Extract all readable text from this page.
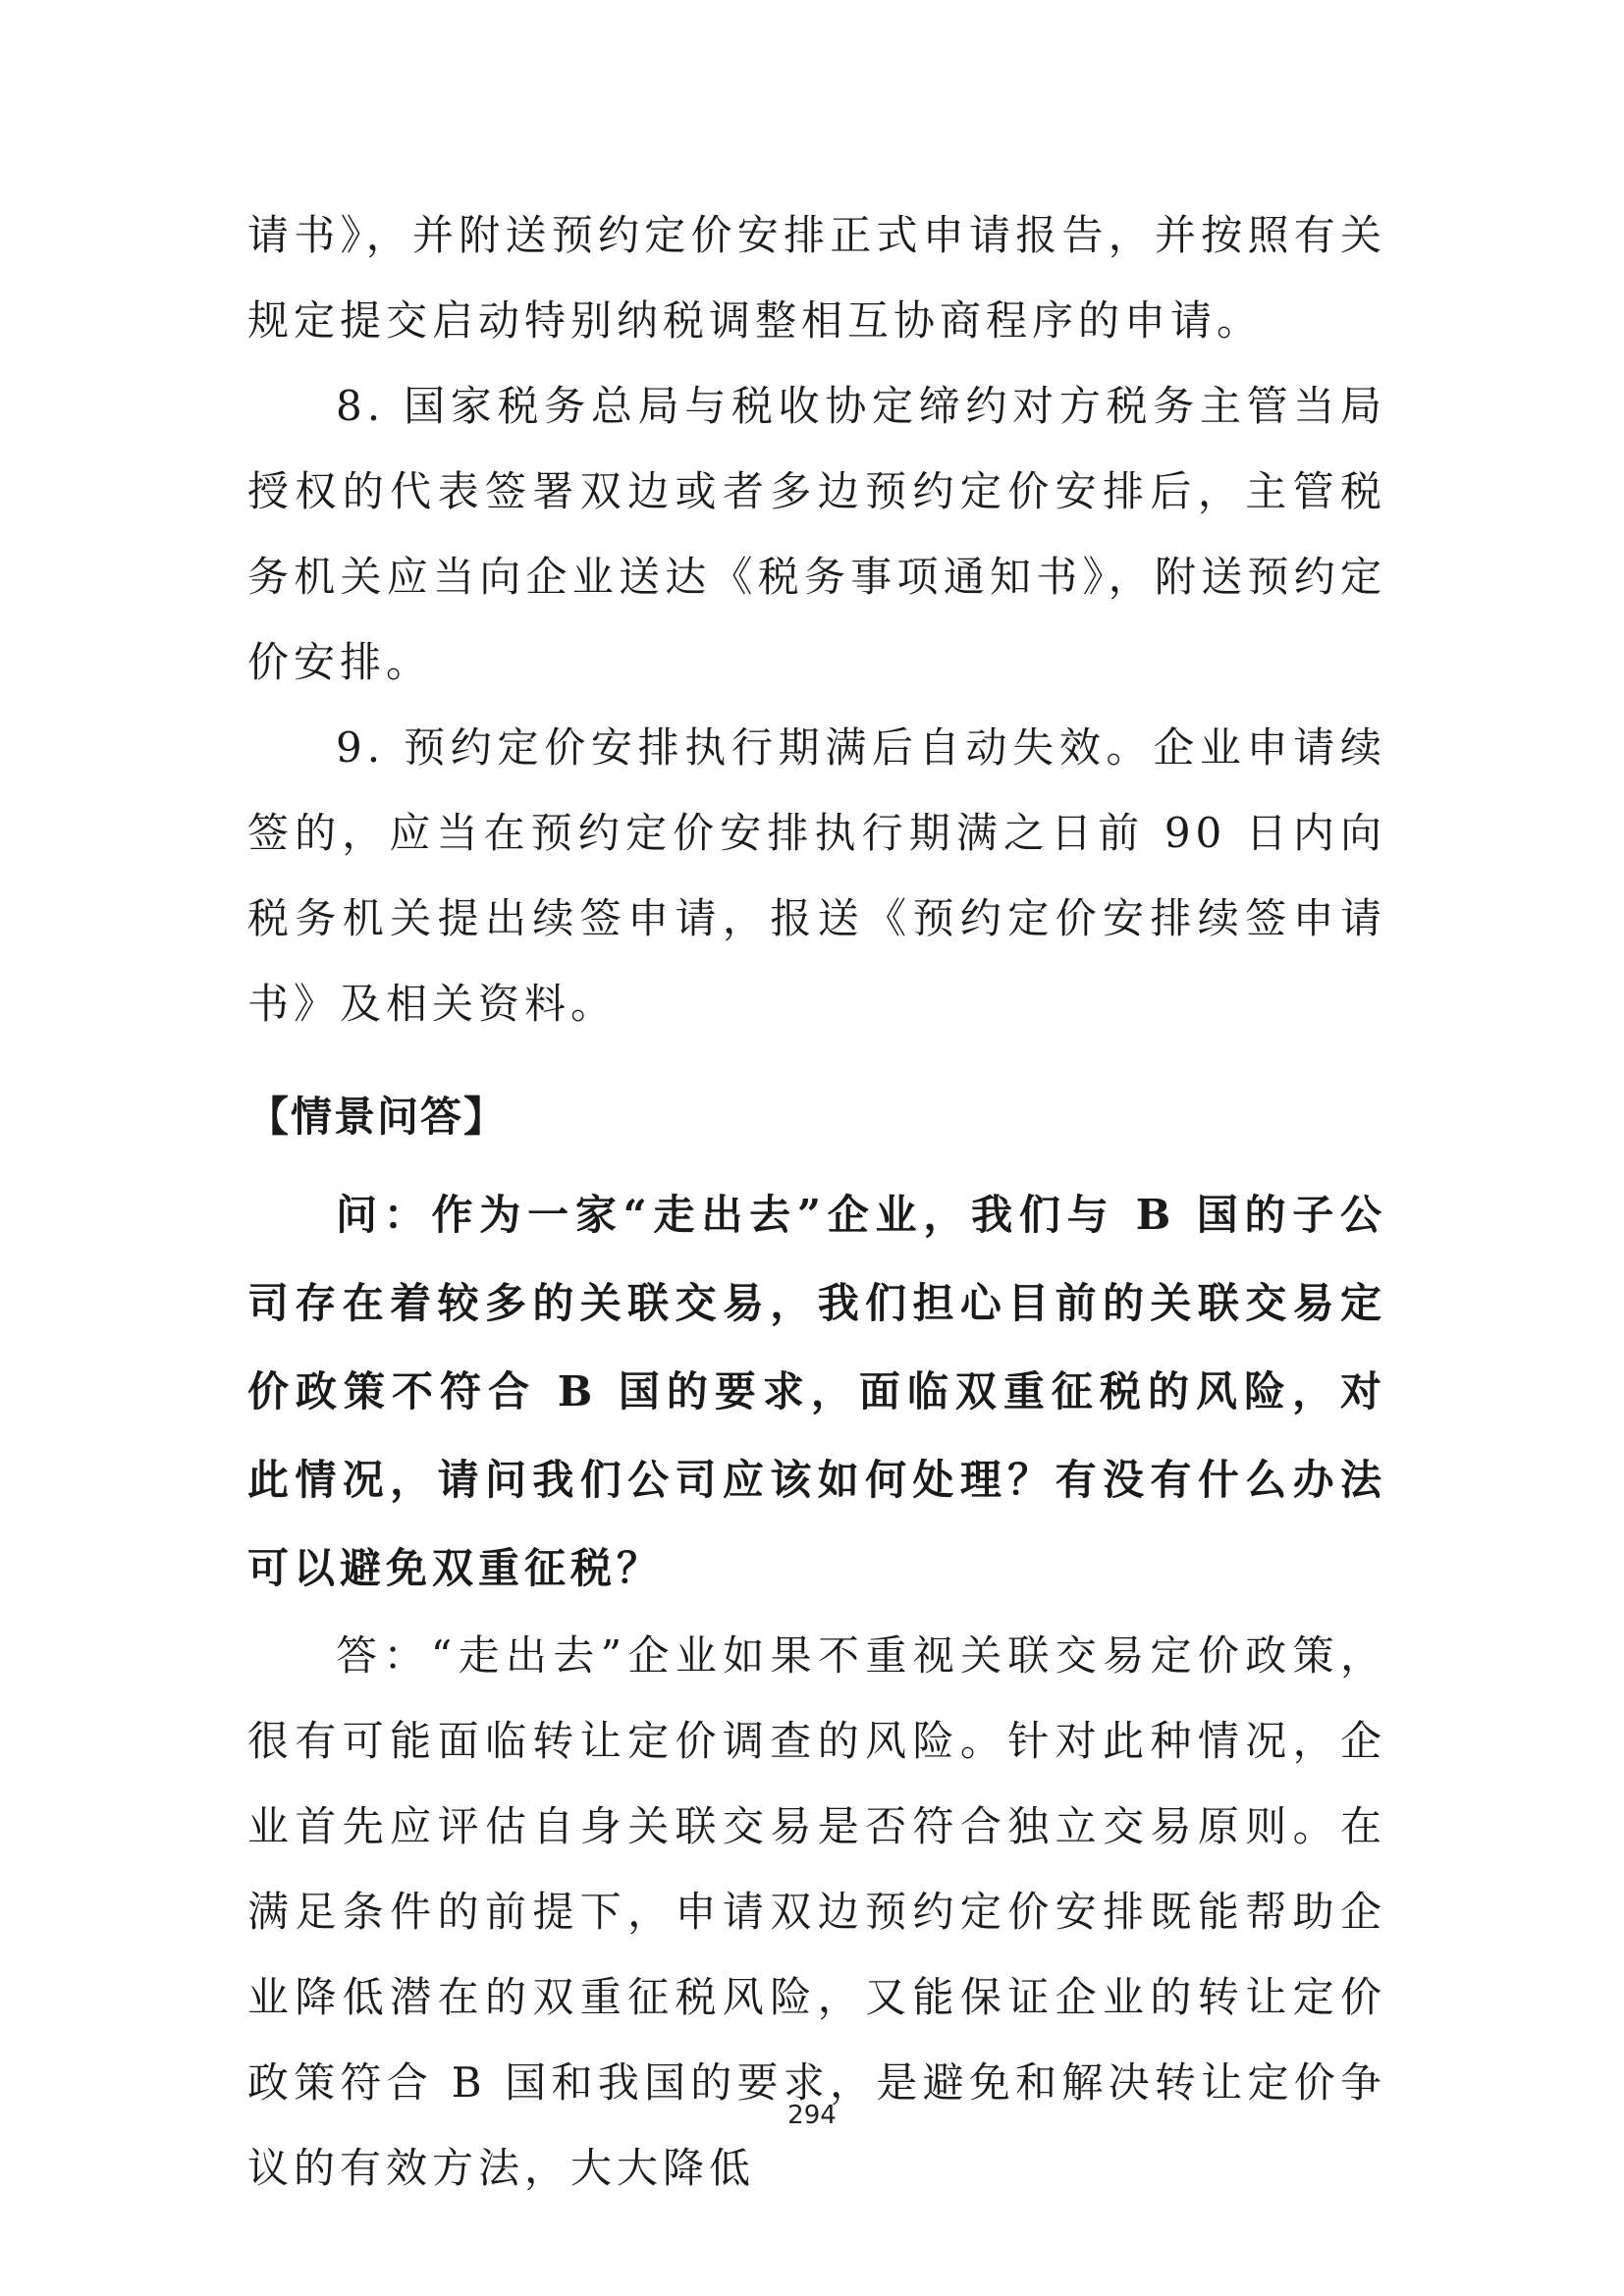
请书》，并附送预约定价安排正式申请报告，并按照有关规定提交启动特别纳税调整相互协商程序的申请。

8. 国家税务总局与税收协定缔约对方税务主管当局授权的代表签署双边或者多边预约定价安排后，主管税务机关应当向企业送达《税务事项通知书》，附送预约定价安排。

9. 预约定价安排执行期满后自动失效。企业申请续签的，应当在预约定价安排执行期满之日前 90 日内向税务机关提出续签申请，报送《预约定价安排续签申请书》及相关资料。

【情景问答】

问：作为一家“走出去”企业，我们与 B 国的子公司存在着较多的关联交易，我们担心目前的关联交易定价政策不符合 B 国的要求，面临双重征税的风险，对此情况，请问我们公司应该如何处理？有没有什么办法可以避免双重征税？

答：“走出去”企业如果不重视关联交易定价政策，很有可能面临转让定价调查的风险。针对此种情况，企业首先应评估自身关联交易是否符合独立交易原则。在满足条件的前提下，申请双边预约定价安排既能帮助企业降低潜在的双重征税风险，又能保证企业的转让定价政策符合 B 国和我国的要求，是避免和解决转让定价争议的有效方法，大大降低

294
